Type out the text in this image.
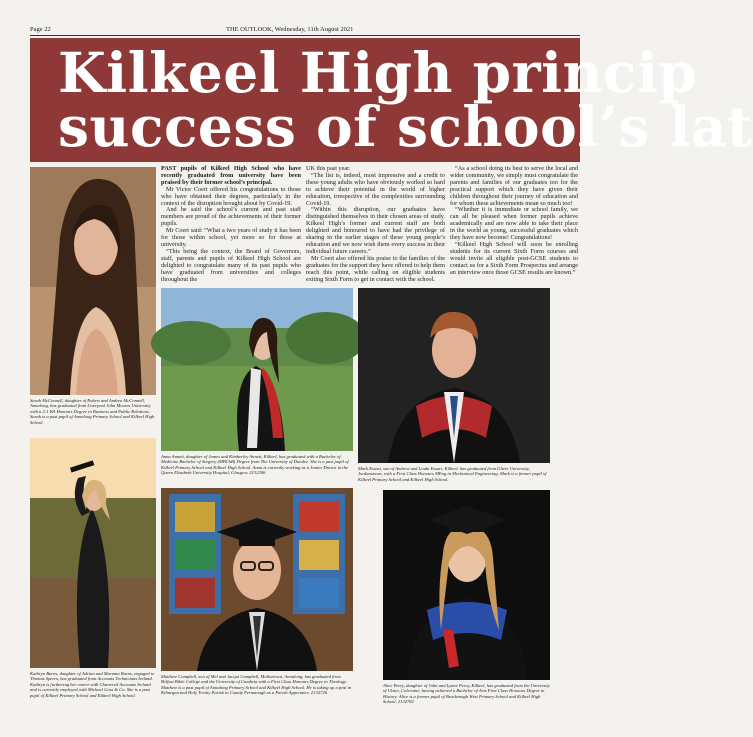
Page 22	THE OUTLOOK, Wednesday, 11th August 2021
Kilkeel High princip
success of school’s lat
Sarah McConnell, daughter of Robert and Andrea McConnell, Annalong, has graduated from Liverpool John Moores University with a 2:1 BA Honours Degree in Business and Public Relations. Sarah is a past pupil of Annalong Primary School and Kilkeel High School.

PAST pupils of Kilkeel High School who have recently graduated from university have been praised by their former school’s principal.

Mr Victor Coert offered his congratulations to those who have obtained their degrees, particularly in the context of the disruption brought about by Covid-19.

And he said the school’s current and past staff members are proud of the achievements of their former pupils.

Mr Coert said: “What a two years of study it has been for those within school, yet more so for those at university.

“This being the context, the Board of Governors, staff, parents and pupils of Kilkeel High School are delighted to congratulate many of its past pupils who have graduated from universities and colleges throughout the

UK this past year.

“The list is, indeed, most impressive and a credit to these young adults who have obviously worked so hard to achieve their potential in the world of higher education, irrespective of the complexities surrounding Covid-19.

“Within this disruption, our graduates have distinguished themselves in their chosen areas of study. Kilkeel High’s former and current staff are both delighted and honoured to have had the privilege of sharing in the earlier stages of these young people’s education and we now wish them every success in their individual future careers.”

Mr Coert also offered his praise to the families of the graduates for the support they have offered to help them reach this point, while calling on eligible students exiting Sixth Form to get in contact with the school.

“As a school doing its best to serve the local and wider community, we simply must congratulate the parents and families of our graduates too for the practical support which they have given their children throughout their journey of education and for whom these achievements mean so much too!

“Whether it is immediate or school family, we can all be pleased when former pupils achieve academically and are now able to take their place in the world as young, successful graduates which they have now become! Congratulations!

“Kilkeel High School will soon be enrolling students for its current Sixth Form courses and would invite all eligible post-GCSE students to contact us for a Sixth Form Prospectus and arrange an interview once those GCSE results are known.”

Anna Annett, daughter of James and Kimberley Annett, Kilkeel, has graduated with a Bachelor of Medicine Bachelor of Surgery (MBChB) Degree from The University of Dundee. She is a past pupil of Kilkeel Primary School and Kilkeel High School. Anna is currently working as a Junior Doctor in the Queen Elizabeth University Hospital, Glasgow. 2132306
Mark Essart, son of Andrew and Linda Essart, Kilkeel, has graduated from Ulster University, Jordanstown, with a First Class Honours MEng in Mechanical Engineering. Mark is a former pupil of Kilkeel Primary School and Kilkeel High School.
Kathryn Burns, daughter of Adrian and Marama Burns, engaged to Thomas Speers, has graduated from Accounts Technicians Ireland. Kathryn is furthering her career with Chartered Accounts Ireland and is currently employed with Michael Goss & Co. She is a past pupil of Kilkeel Primary School and Kilkeel High School.
Matthew Campbell, son of Mel and Jacqui Campbell, Mullartown, Annalong, has graduated from Belfast Bible College and the University of Cumbria with a First Class Honours Degree in Theology. Matthew is a past pupil of Annalong Primary School and Kilkeel High School. He is taking up a post in Kilmegan and Holy Trinity Parish in County Fermanagh as a Parish Apprentice. 2132726
Alice Perry, daughter of John and Lynne Perry, Kilkeel, has graduated from the University of Ulster, Coleraine, having achieved a Bachelor of Arts First Class Honours Degree in History. Alice is a former pupil of Brackenagh West Primary School and Kilkeel High School. 2132782
